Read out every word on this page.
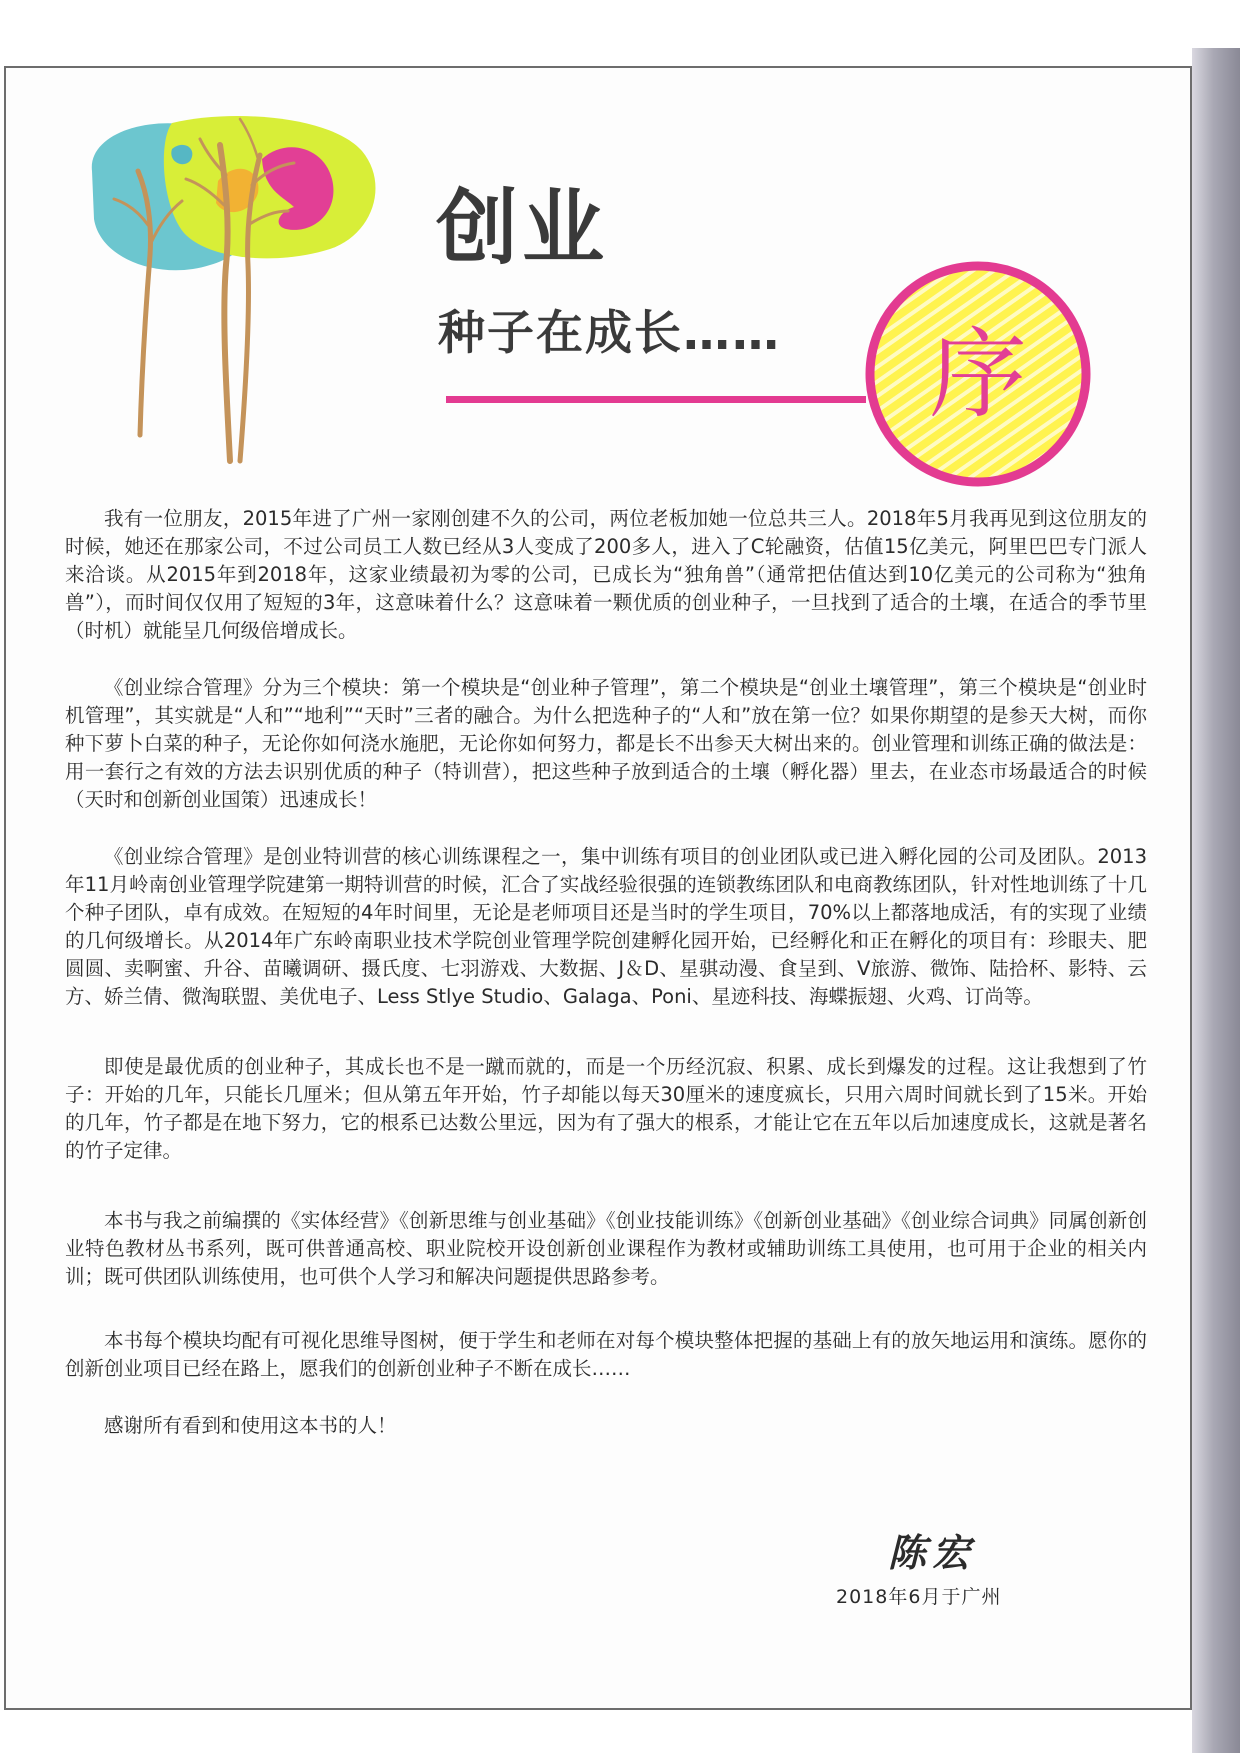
创业
种子在成长…… 序

我有一位朋友，2015年进了广州一家刚创建不久的公司，两位老板加她一位总共三人。2018年5月我再见到这位朋友的时候，她还在那家公司，不过公司员工人数已经从3人变成了200多人，进入了C轮融资，估值15亿美元，阿里巴巴专门派人来洽谈。从2015年到2018年，这家业绩最初为零的公司，已成长为“独角兽”（通常把估值达到10亿美元的公司称为“独角兽”），而时间仅仅用了短短的3年，这意味着什么？这意味着一颗优质的创业种子，一旦找到了适合的土壤，在适合的季节里（时机）就能呈几何级倍增成长。

《创业综合管理》分为三个模块：第一个模块是“创业种子管理”，第二个模块是“创业土壤管理”，第三个模块是“创业时机管理”，其实就是“人和”“地利”“天时”三者的融合。为什么把选种子的“人和”放在第一位？如果你期望的是参天大树，而你种下萝卜白菜的种子，无论你如何浇水施肥，无论你如何努力，都是长不出参天大树出来的。创业管理和训练正确的做法是：用一套行之有效的方法去识别优质的种子（特训营），把这些种子放到适合的土壤（孵化器）里去，在业态市场最适合的时候（天时和创新创业国策）迅速成长！

《创业综合管理》是创业特训营的核心训练课程之一，集中训练有项目的创业团队或已进入孵化园的公司及团队。2013年11月岭南创业管理学院建第一期特训营的时候，汇合了实战经验很强的连锁教练团队和电商教练团队，针对性地训练了十几个种子团队，卓有成效。在短短的4年时间里，无论是老师项目还是当时的学生项目，70%以上都落地成活，有的实现了业绩的几何级增长。从2014年广东岭南职业技术学院创业管理学院创建孵化园开始，已经孵化和正在孵化的项目有：珍眼夫、肥圆圆、卖啊蜜、升谷、苗曦调研、摄氏度、七羽游戏、大数据、J＆D、星骐动漫、食呈到、V旅游、微饰、陆拾杯、影特、云方、娇兰倩、微淘联盟、美优电子、Less Stlye Studio、Galaga、Poni、星迹科技、海蝶振翅、火鸡、订尚等。

即使是最优质的创业种子，其成长也不是一蹴而就的，而是一个历经沉寂、积累、成长到爆发的过程。这让我想到了竹子：开始的几年，只能长几厘米；但从第五年开始，竹子却能以每天30厘米的速度疯长，只用六周时间就长到了15米。开始的几年，竹子都是在地下努力，它的根系已达数公里远，因为有了强大的根系，才能让它在五年以后加速度成长，这就是著名的竹子定律。

本书与我之前编撰的《实体经营》《创新思维与创业基础》《创业技能训练》《创新创业基础》《创业综合词典》同属创新创业特色教材丛书系列，既可供普通高校、职业院校开设创新创业课程作为教材或辅助训练工具使用，也可用于企业的相关内训；既可供团队训练使用，也可供个人学习和解决问题提供思路参考。

本书每个模块均配有可视化思维导图树，便于学生和老师在对每个模块整体把握的基础上有的放矢地运用和演练。愿你的创新创业项目已经在路上，愿我们的创新创业种子不断在成长……

感谢所有看到和使用这本书的人！

陈宏

2018年6月于广州
